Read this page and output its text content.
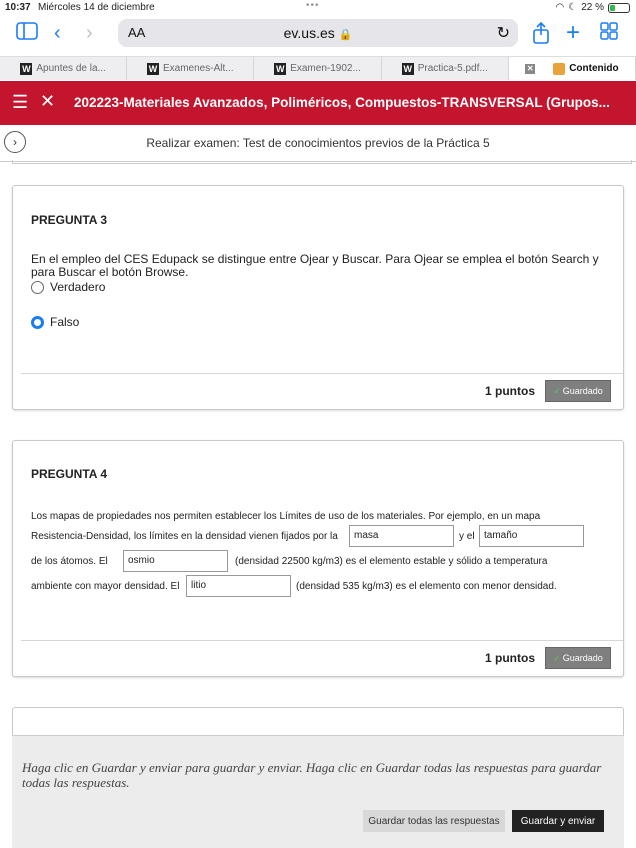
10:37 Miércoles 14 de diciembre	•••	◠ ☾ 22 %
‹ ›	AA	ev.us.es 🔒	↻ +
W Apuntes de la...	W Examenes-Alt...	W Examen-1902...	W Practica-5.pdf...	✕	Contenido
☰ ✕ 202223-Materiales Avanzados, Poliméricos, Compuestos-TRANSVERSAL (Grupos...
›	Realizar examen: Test de conocimientos previos de la Práctica 5
PREGUNTA 3
En el empleo del CES Edupack se distingue entre Ojear y Buscar. Para Ojear se emplea el botón Search y para Buscar el botón Browse.
Verdadero
Falso
1 puntos ✓ Guardado
PREGUNTA 4
Los mapas de propiedades nos permiten establecer los Límites de uso de los materiales. Por ejemplo, en un mapa
Resistencia-Densidad, los límites en la densidad vienen fijados por la	masa	y el tamaño
de los átomos. El	osmio	(densidad 22500 kg/m3) es el elemento estable y sólido a temperatura
ambiente con mayor densidad. El	litio	(densidad 535 kg/m3) es el elemento con menor densidad.
1 puntos ✓ Guardado
Haga clic en Guardar y enviar para guardar y enviar. Haga clic en Guardar todas las respuestas para guardar todas las respuestas.
Guardar todas las respuestas	Guardar y enviar
